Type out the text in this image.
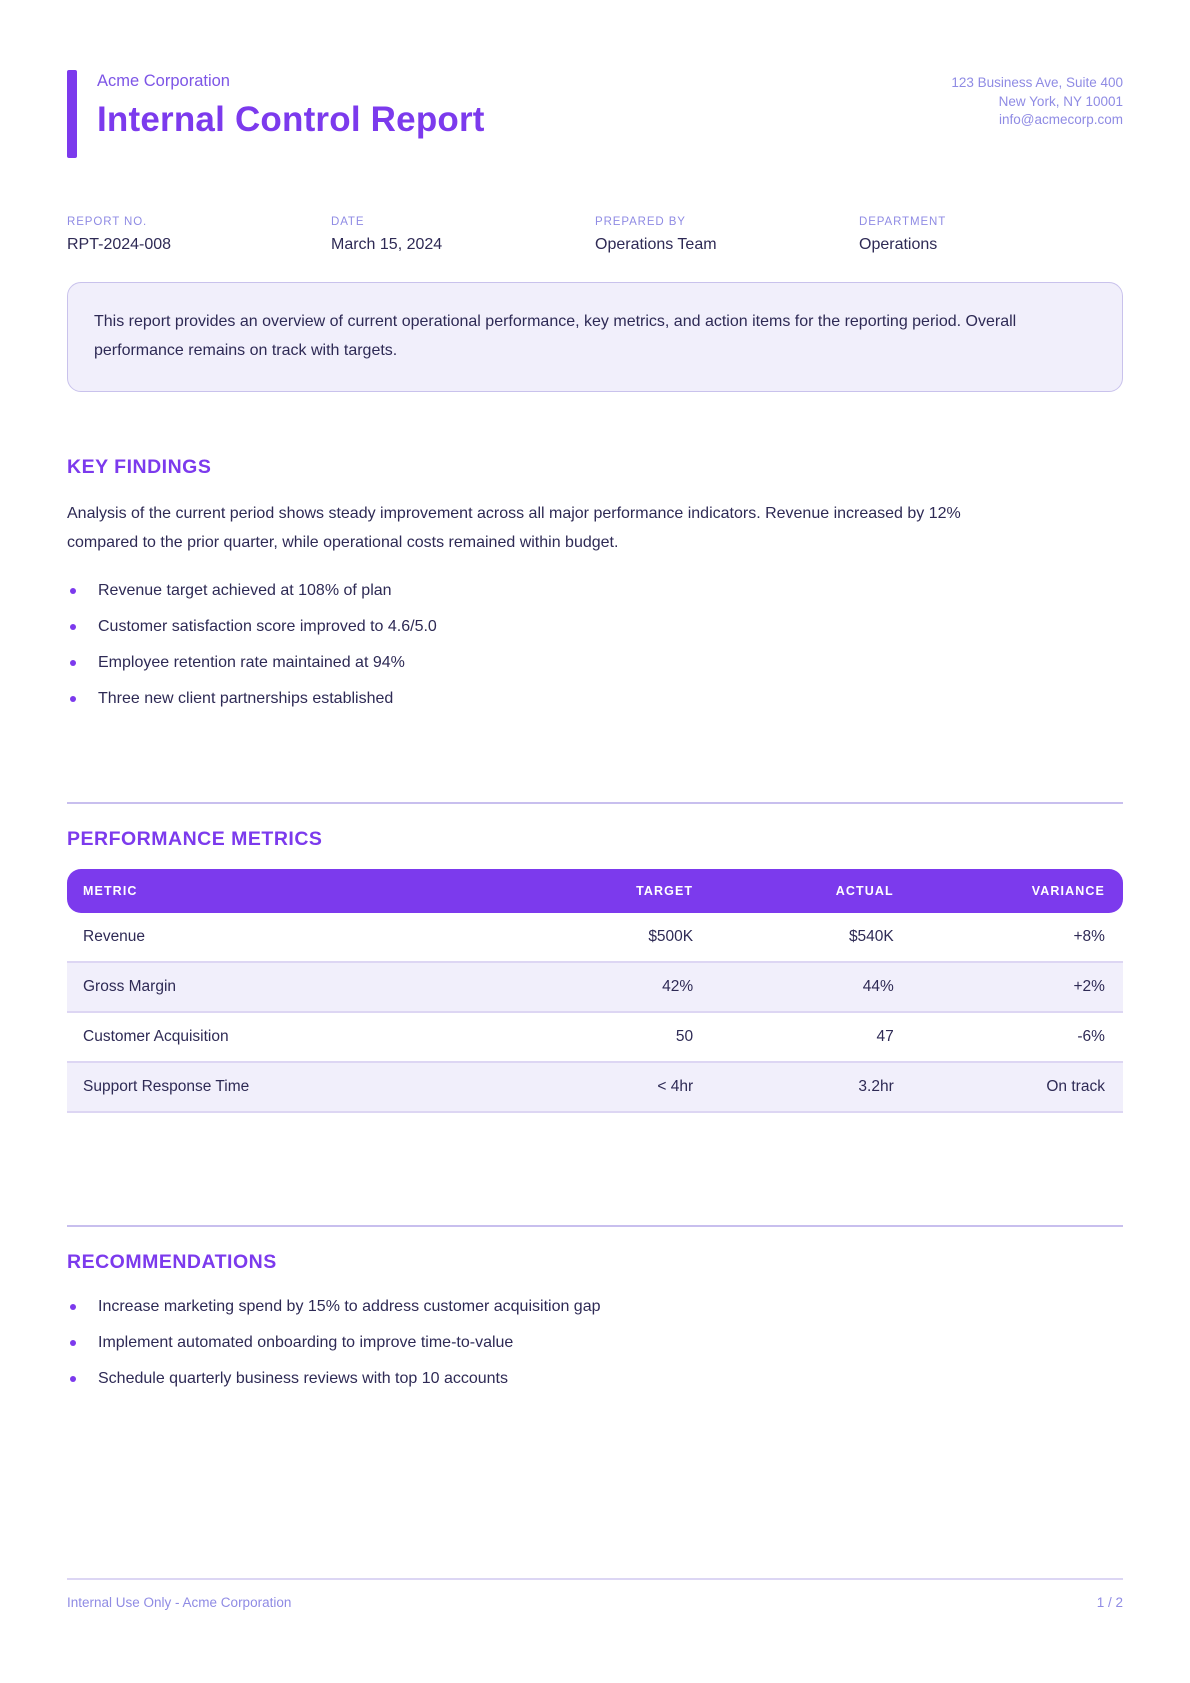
Acme Corporation
Internal Control Report
123 Business Ave, Suite 400
New York, NY 10001
info@acmecorp.com
REPORT NO.
RPT-2024-008
DATE
March 15, 2024
PREPARED BY
Operations Team
DEPARTMENT
Operations
This report provides an overview of current operational performance, key metrics, and action items for the reporting period. Overall performance remains on track with targets.
KEY FINDINGS
Analysis of the current period shows steady improvement across all major performance indicators. Revenue increased by 12% compared to the prior quarter, while operational costs remained within budget.
Revenue target achieved at 108% of plan
Customer satisfaction score improved to 4.6/5.0
Employee retention rate maintained at 94%
Three new client partnerships established
PERFORMANCE METRICS
METRIC	TARGET	ACTUAL	VARIANCE
Revenue	$500K	$540K	+8%
Gross Margin	42%	44%	+2%
Customer Acquisition	50	47	-6%
Support Response Time	< 4hr	3.2hr	On track
RECOMMENDATIONS
Increase marketing spend by 15% to address customer acquisition gap
Implement automated onboarding to improve time-to-value
Schedule quarterly business reviews with top 10 accounts
Internal Use Only - Acme Corporation	1 / 2
